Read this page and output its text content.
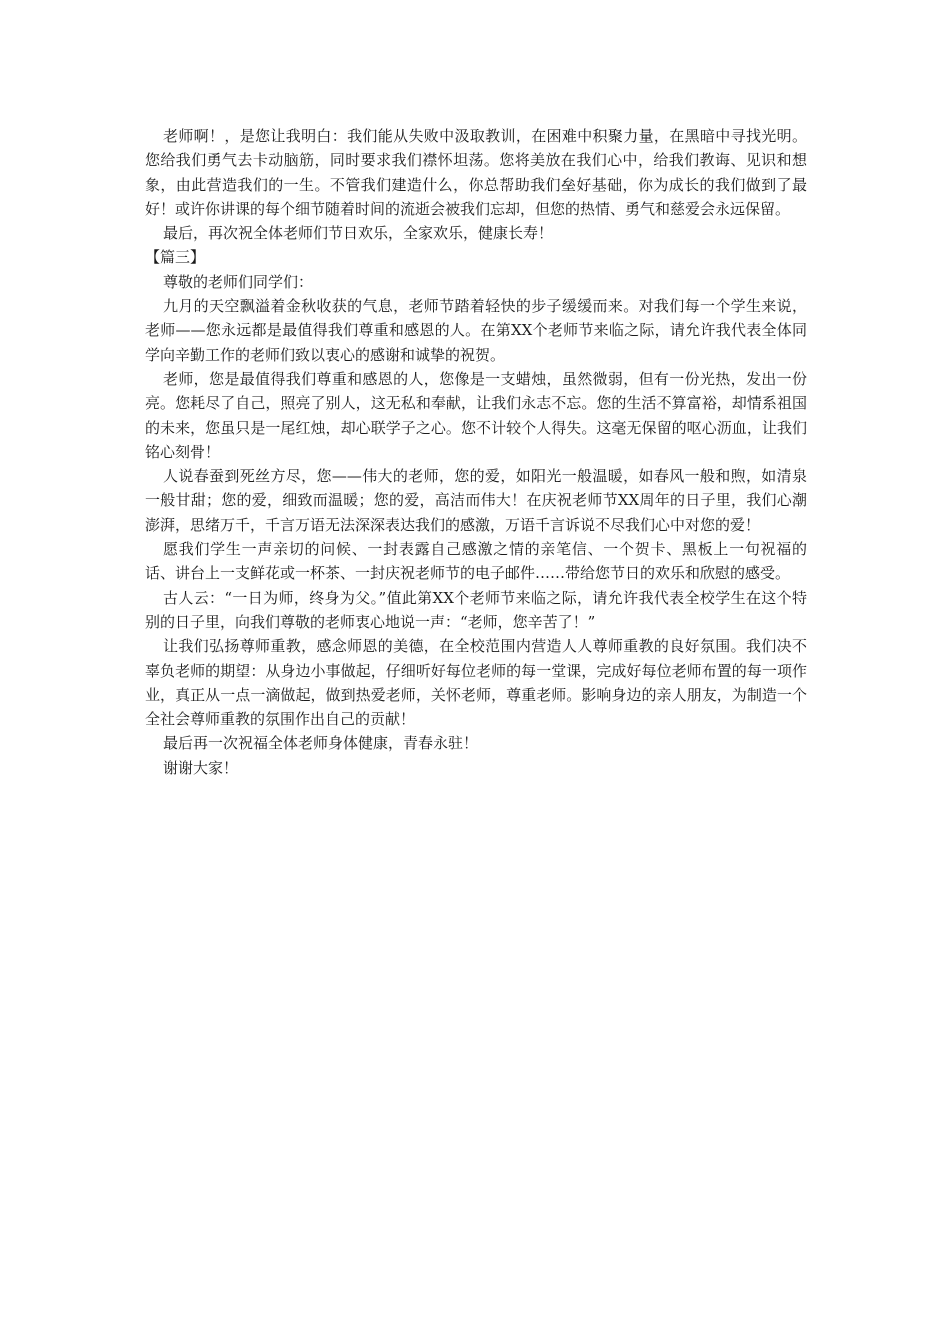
老师啊！，是您让我明白：我们能从失败中汲取教训，在困难中积聚力量，在黑暗中寻找光明。您给我们勇气去卡动脑筋，同时要求我们襟怀坦荡。您将美放在我们心中，给我们教诲、见识和想象，由此营造我们的一生。不管我们建造什么，你总帮助我们垒好基础，你为成长的我们做到了最好！或许你讲课的每个细节随着时间的流逝会被我们忘却，但您的热情、勇气和慈爱会永远保留。

最后，再次祝全体老师们节日欢乐，全家欢乐，健康长寿！

【篇三】

尊敬的老师们同学们：

九月的天空飘溢着金秋收获的气息，老师节踏着轻快的步子缓缓而来。对我们每一个学生来说，老师——您永远都是最值得我们尊重和感恩的人。在第XX个老师节来临之际，请允许我代表全体同学向辛勤工作的老师们致以衷心的感谢和诚挚的祝贺。

老师，您是最值得我们尊重和感恩的人，您像是一支蜡烛，虽然微弱，但有一份光热，发出一份亮。您耗尽了自己，照亮了别人，这无私和奉献，让我们永志不忘。您的生活不算富裕，却情系祖国的未来，您虽只是一尾红烛，却心联学子之心。您不计较个人得失。这毫无保留的呕心沥血，让我们铭心刻骨！

人说春蚕到死丝方尽，您——伟大的老师，您的爱，如阳光一般温暖，如春风一般和煦，如清泉一般甘甜；您的爱，细致而温暖；您的爱，高洁而伟大！在庆祝老师节XX周年的日子里，我们心潮澎湃，思绪万千，千言万语无法深深表达我们的感激，万语千言诉说不尽我们心中对您的爱！

愿我们学生一声亲切的问候、一封表露自己感激之情的亲笔信、一个贺卡、黑板上一句祝福的话、讲台上一支鲜花或一杯茶、一封庆祝老师节的电子邮件……带给您节日的欢乐和欣慰的感受。

古人云：“一日为师，终身为父。”值此第XX个老师节来临之际，请允许我代表全校学生在这个特别的日子里，向我们尊敬的老师衷心地说一声：“老师，您辛苦了！”

让我们弘扬尊师重教，感念师恩的美德，在全校范围内营造人人尊师重教的良好氛围。我们决不辜负老师的期望：从身边小事做起，仔细听好每位老师的每一堂课，完成好每位老师布置的每一项作业，真正从一点一滴做起，做到热爱老师，关怀老师，尊重老师。影响身边的亲人朋友，为制造一个全社会尊师重教的氛围作出自己的贡献！

最后再一次祝福全体老师身体健康，青春永驻！

谢谢大家！
